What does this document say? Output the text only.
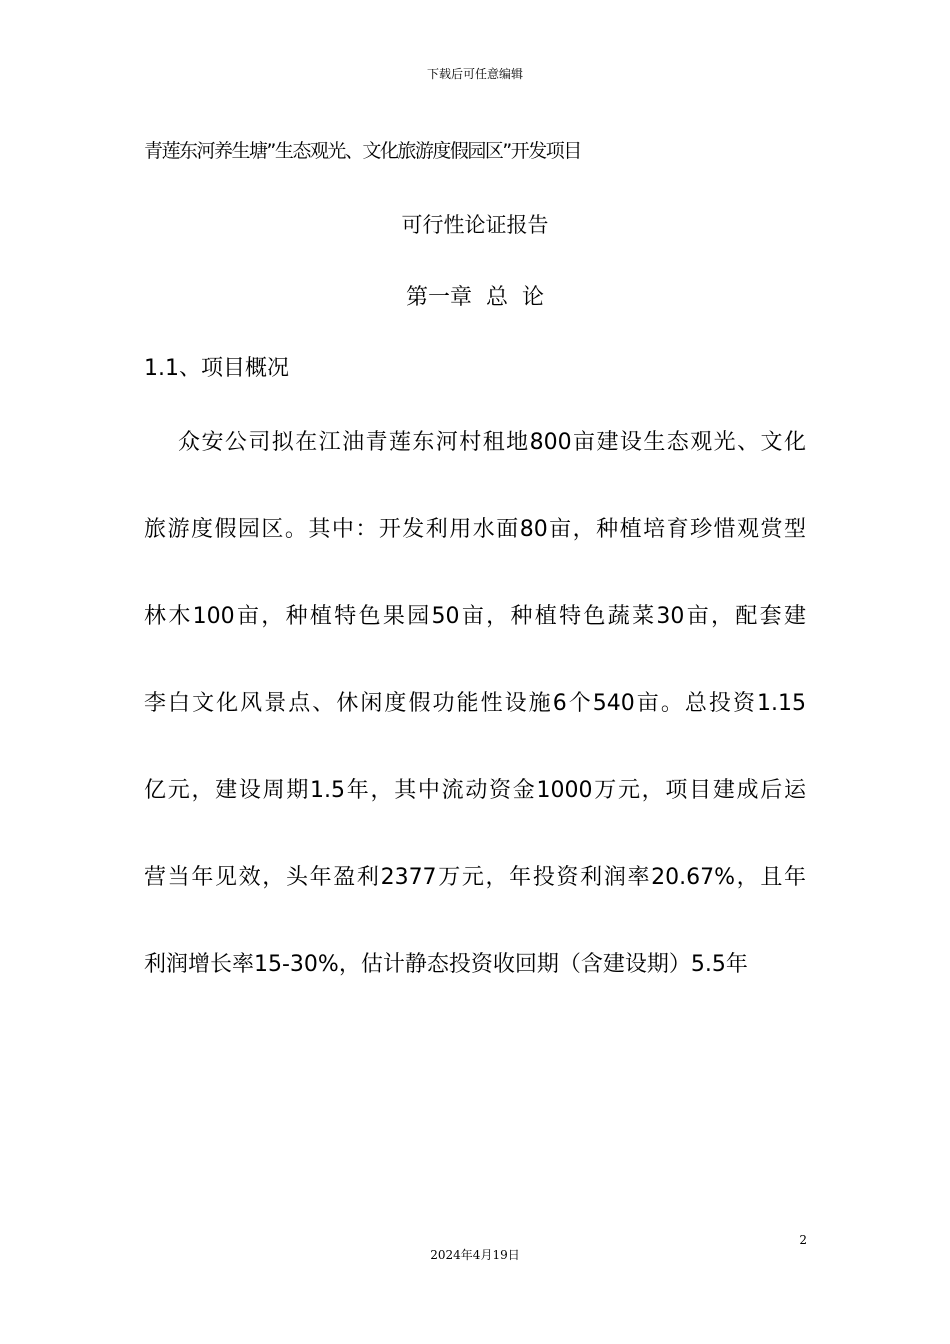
下载后可任意编辑
青莲东河养生塘”生态观光、文化旅游度假园区”开发项目
可行性论证报告
第一章  总  论
1.1、项目概况
众安公司拟在江油青莲东河村租地800亩建设生态观光、文化
旅游度假园区。其中：开发利用水面80亩，种植培育珍惜观赏型
林木100亩，种植特色果园50亩，种植特色蔬菜30亩，配套建
李白文化风景点、休闲度假功能性设施6个540亩。总投资1.15
亿元，建设周期1.5年，其中流动资金1000万元，项目建成后运
营当年见效，头年盈利2377万元，年投资利润率20.67%，且年
利润增长率15-30%，估计静态投资收回期（含建设期）5.5年
2
2024年4月19日
